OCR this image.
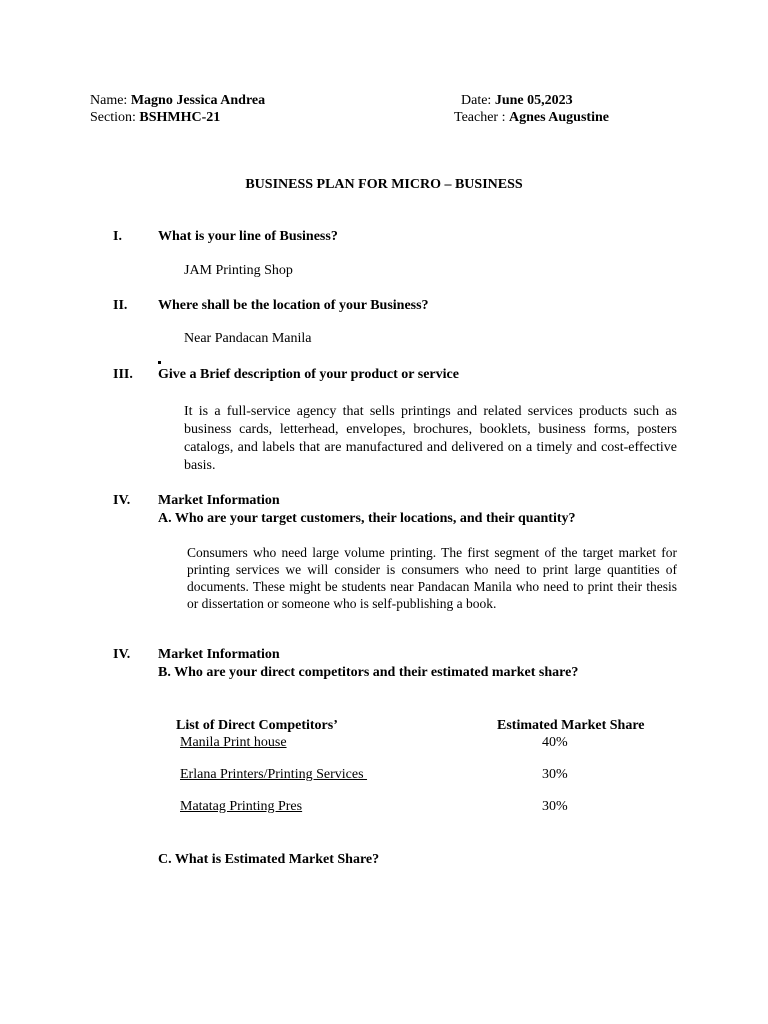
Name: Magno Jessica Andrea	Date: June 05,2023
Section: BSHMHC-21	Teacher : Agnes Augustine
BUSINESS PLAN FOR MICRO – BUSINESS
I.	What is your line of Business?
JAM Printing Shop
II. Where shall be the location of your Business?
Near Pandacan Manila
III. Give a Brief description of your product or service
It is a full-service agency that sells printings and related services products such as business cards, letterhead, envelopes, brochures, booklets, business forms, posters catalogs, and labels that are manufactured and delivered on a timely and cost-effective basis.
IV. Market Information
A. Who are your target customers, their locations, and their quantity?
Consumers who need large volume printing. The first segment of the target market for printing services we will consider is consumers who need to print large quantities of documents. These might be students near Pandacan Manila who need to print their thesis or dissertation or someone who is self-publishing a book.
IV. Market Information
B. Who are your direct competitors and their estimated market share?
List of Direct Competitors’	Estimated Market Share
Manila Print house	40%
Erlana Printers/Printing Services	30%
Matatag Printing Pres	30%
C. What is Estimated Market Share?
